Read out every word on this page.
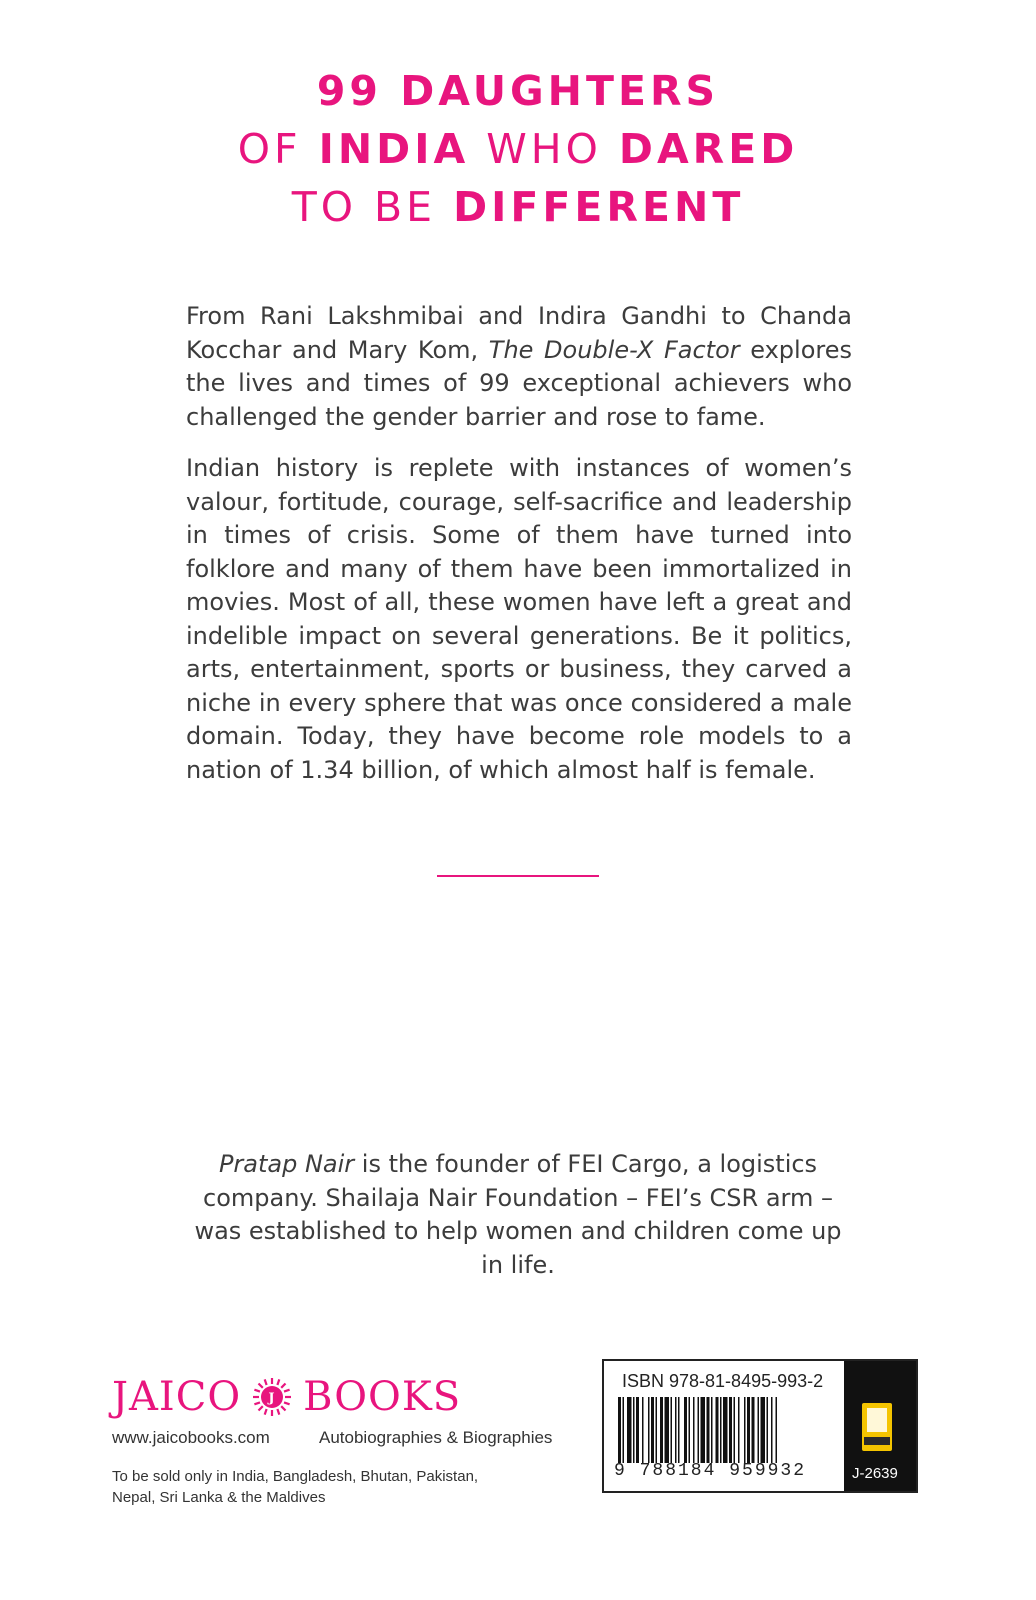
99 DAUGHTERS
OF INDIA WHO DARED
TO BE DIFFERENT

From Rani Lakshmibai and Indira Gandhi to Chanda Kocchar and Mary Kom, The Double-X Factor explores the lives and times of 99 exceptional achievers who challenged the gender barrier and rose to fame.

Indian history is replete with instances of women’s valour, fortitude, courage, self-sacrifice and leadership in times of crisis. Some of them have turned into folklore and many of them have been immortalized in movies. Most of all, these women have left a great and indelible impact on several generations. Be it politics, arts, entertainment, sports or business, they carved a niche in every sphere that was once considered a male domain. Today, they have become role models to a nation of 1.34 billion, of which almost half is female.

Pratap Nair is the founder of FEI Cargo, a logistics company. Shailaja Nair Foundation – FEI’s CSR arm – was established to help women and children come up in life.
JAICO J BOOKS
www.jaicobooks.com	Autobiographies & Biographies
To be sold only in India, Bangladesh, Bhutan, Pakistan, Nepal, Sri Lanka & the Maldives
ISBN 978-81-8495-993-2
9 788184 959932	J-2639
